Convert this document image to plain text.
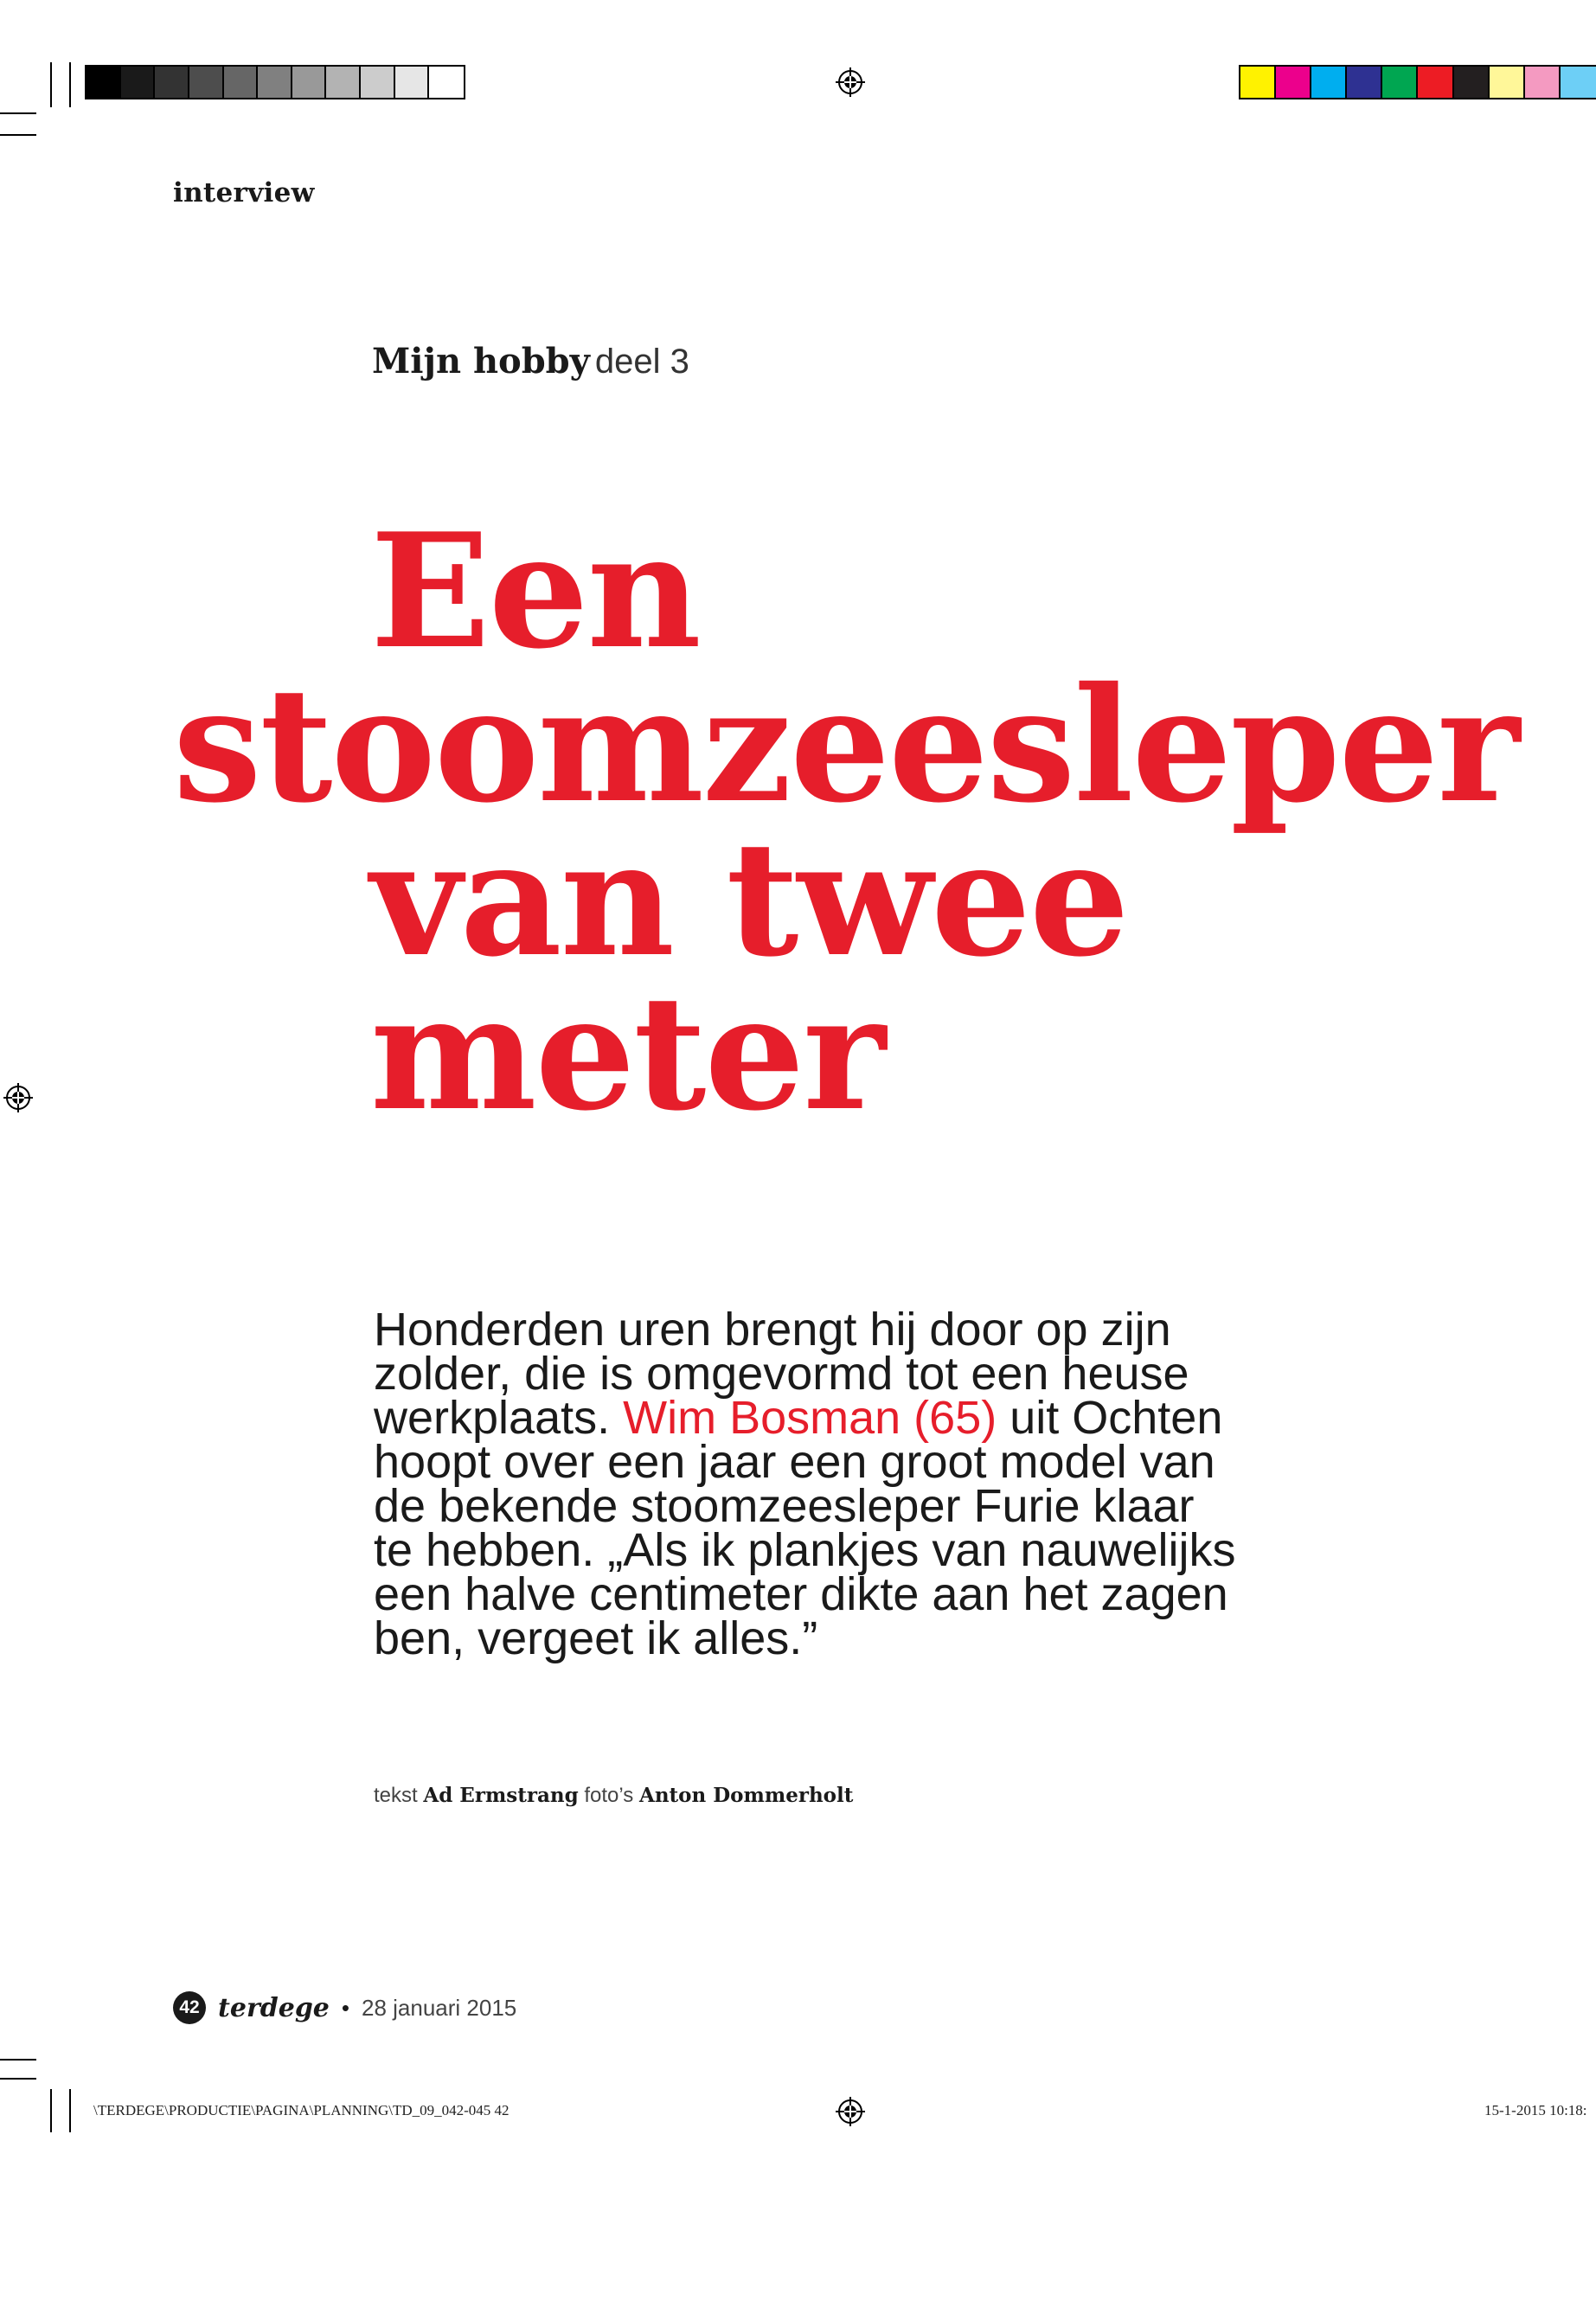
interview
Mijn hobby deel 3
Een
stoomzeesleper
van twee
meter
Honderden uren brengt hij door op zijn zolder, die is omgevormd tot een heuse werkplaats. Wim Bosman (65) uit Ochten hoopt over een jaar een groot model van de bekende stoomzeesleper Furie klaar te hebben. „Als ik plankjes van nauwelijks een halve centimeter dikte aan het zagen ben, vergeet ik alles.”
tekst Ad Ermstrang foto’s Anton Dommerholt
42 terdege • 28 januari 2015
\TERDEGE\PRODUCTIE\PAGINA\PLANNING\TD_09_042-045 42	15-1-2015 10:18:
